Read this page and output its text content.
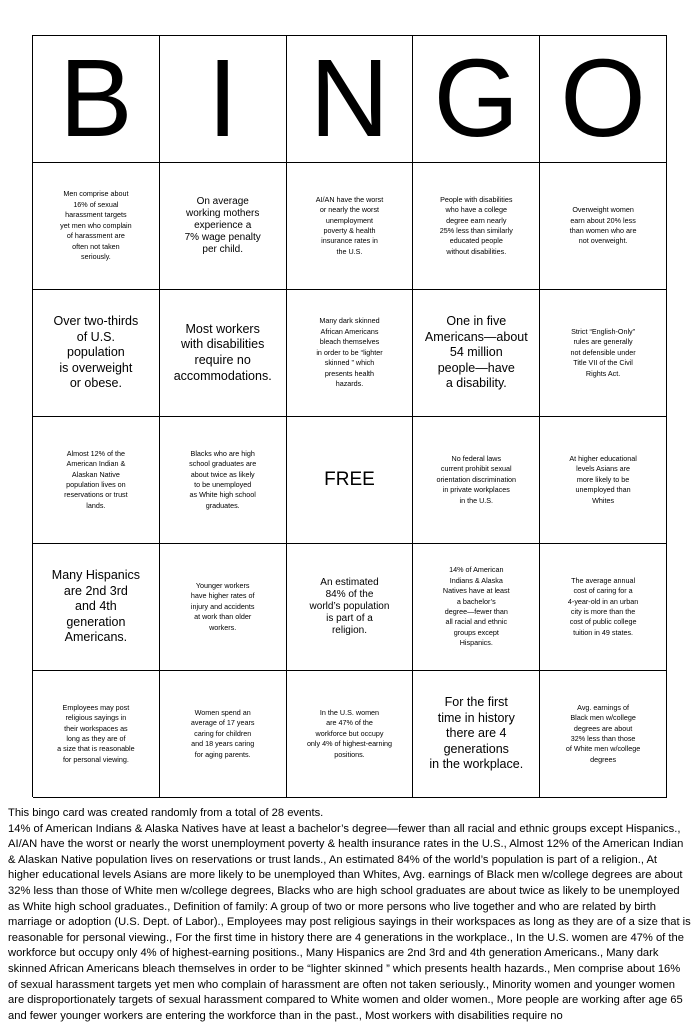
B I N G O
Men comprise about
16% of sexual
harassment targets
yet men who complain
of harassment are
often not taken
seriously.
On average
working mothers
experience a
7% wage penalty
per child.
AI/AN have the worst
or nearly the worst
unemployment
poverty & health
insurance rates in
the U.S.
People with disabilities
who have a college
degree earn nearly
25% less than similarly
educated people
without disabilities.
Overweight women
earn about 20% less
than women who are
not overweight.
Over two-thirds
of U.S.
population
is overweight
or obese.
Most workers
with disabilities
require no
accommodations.
Many dark skinned
African Americans
bleach themselves
in order to be “lighter
skinned ” which
presents health
hazards.
One in five
Americans—about
54 million
people—have
a disability.
Strict “English-Only”
rules are generally
not defensible under
Title VII of the Civil
Rights Act.
Almost 12% of the
American Indian &
Alaskan Native
population lives on
reservations or trust
lands.
Blacks who are high
school graduates are
about twice as likely
to be unemployed
as White high school
graduates.
FREE
No federal laws
current prohibit sexual
orientation discrimination
in private workplaces
in the U.S.
At higher educational
levels Asians are
more likely to be
unemployed than
Whites
Many Hispanics
are 2nd 3rd
and 4th
generation
Americans.
Younger workers
have higher rates of
injury and accidents
at work than older
workers.
An estimated
84% of the
world’s population
is part of a
religion.
14% of American
Indians & Alaska
Natives have at least
a bachelor’s
degree—fewer than
all racial and ethnic
groups except
Hispanics.
The average annual
cost of caring for a
4-year-old in an urban
city is more than the
cost of public college
tuition in 49 states.
Employees may post
religious sayings in
their workspaces as
long as they are of
a size that is reasonable
for personal viewing.
Women spend an
average of 17 years
caring for children
and 18 years caring
for aging parents.
In the U.S. women
are 47% of the
workforce but occupy
only 4% of highest-earning
positions.
For the first
time in history
there are 4
generations
in the workplace.
Avg. earnings of
Black men w/college
degrees are about
32% less than those
of White men w/college
degrees

This bingo card was created randomly from a total of 28 events.

14% of American Indians & Alaska Natives have at least a bachelor’s degree—fewer than all racial and ethnic groups except Hispanics., AI/AN have the worst or nearly the worst unemployment poverty & health insurance rates in the U.S., Almost 12% of the American Indian & Alaskan Native population lives on reservations or trust lands., An estimated 84% of the world’s population is part of a religion., At higher educational levels Asians are more likely to be unemployed than Whites, Avg. earnings of Black men w/college degrees are about 32% less than those of White men w/college degrees, Blacks who are high school graduates are about twice as likely to be unemployed as White high school graduates., Definition of family: A group of two or more persons who live together and who are related by birth marriage or adoption (U.S. Dept. of Labor)., Employees may post religious sayings in their workspaces as long as they are of a size that is reasonable for personal viewing., For the first time in history there are 4 generations in the workplace., In the U.S. women are 47% of the workforce but occupy only 4% of highest-earning positions., Many Hispanics are 2nd 3rd and 4th generation Americans., Many dark skinned African Americans bleach themselves in order to be “lighter skinned ” which presents health hazards., Men comprise about 16% of sexual harassment targets yet men who complain of harassment are often not taken seriously., Minority women and younger women are disproportionately targets of sexual harassment compared to White women and older women., More people are working after age 65 and fewer younger workers are entering the workforce than in the past., Most workers with disabilities require no
